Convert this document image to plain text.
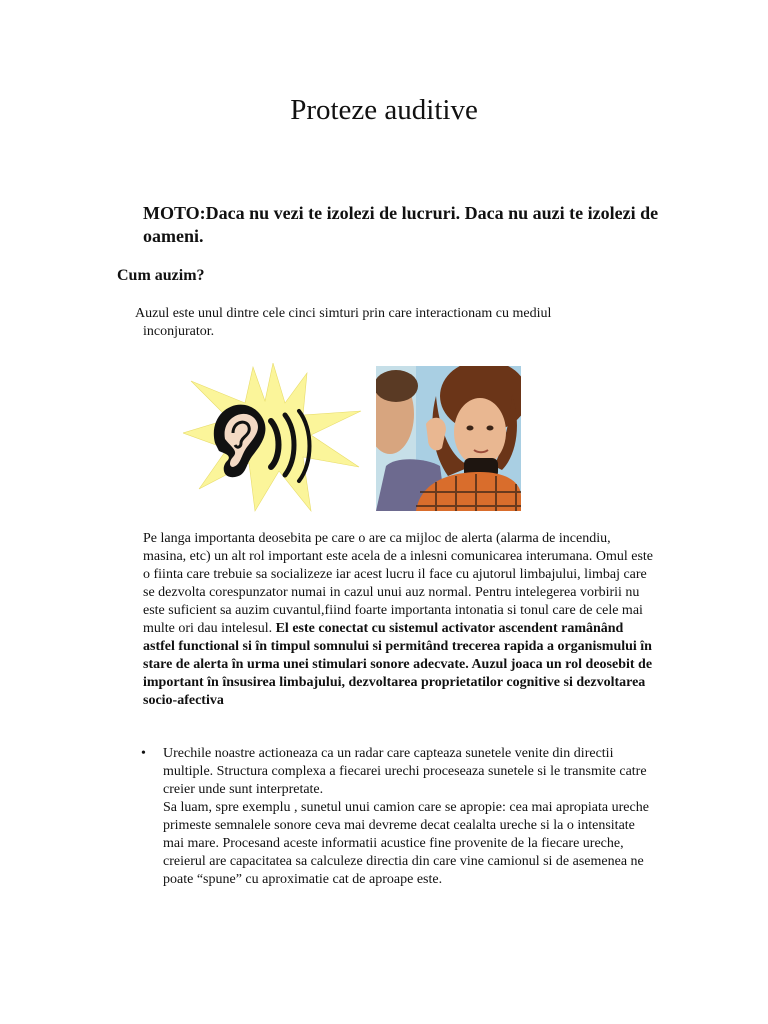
Proteze auditive

MOTO:Daca nu vezi te izolezi de lucruri. Daca nu auzi te izolezi de oameni.

Cum auzim?

Auzul este unul dintre cele cinci simturi prin care interactionam cu mediul inconjurator.

Pe langa importanta deosebita pe care o are ca mijloc de alerta (alarma de incendiu, masina, etc) un alt rol important este acela de a inlesni comunicarea interumana. Omul este o fiinta care trebuie sa socializeze iar acest lucru il face cu ajutorul limbajului, limbaj care se dezvolta corespunzator numai in cazul unui auz normal. Pentru intelegerea vorbirii nu este suficient sa auzim cuvantul,fiind foarte importanta intonatia si tonul care de cele mai multe ori dau intelesul. El este conectat cu sistemul activator ascendent ramânând astfel functional si în timpul somnului si permitând trecerea rapida a organismului în stare de alerta în urma unei stimulari sonore adecvate. Auzul joaca un rol deosebit de important în însusirea limbajului, dezvoltarea proprietatilor cognitive si dezvoltarea socio-afectiva

• Urechile noastre actioneaza ca un radar care capteaza sunetele venite din directii multiple. Structura complexa a fiecarei urechi proceseaza sunetele si le transmite catre creier unde sunt interpretate.

Sa luam, spre exemplu , sunetul unui camion care se apropie: cea mai apropiata ureche primeste semnalele sonore ceva mai devreme decat cealalta ureche si la o intensitate mai mare. Procesand aceste informatii acustice fine provenite de la fiecare ureche, creierul are capacitatea sa calculeze directia din care vine camionul si de asemenea ne poate “spune” cu aproximatie cat de aproape este.
